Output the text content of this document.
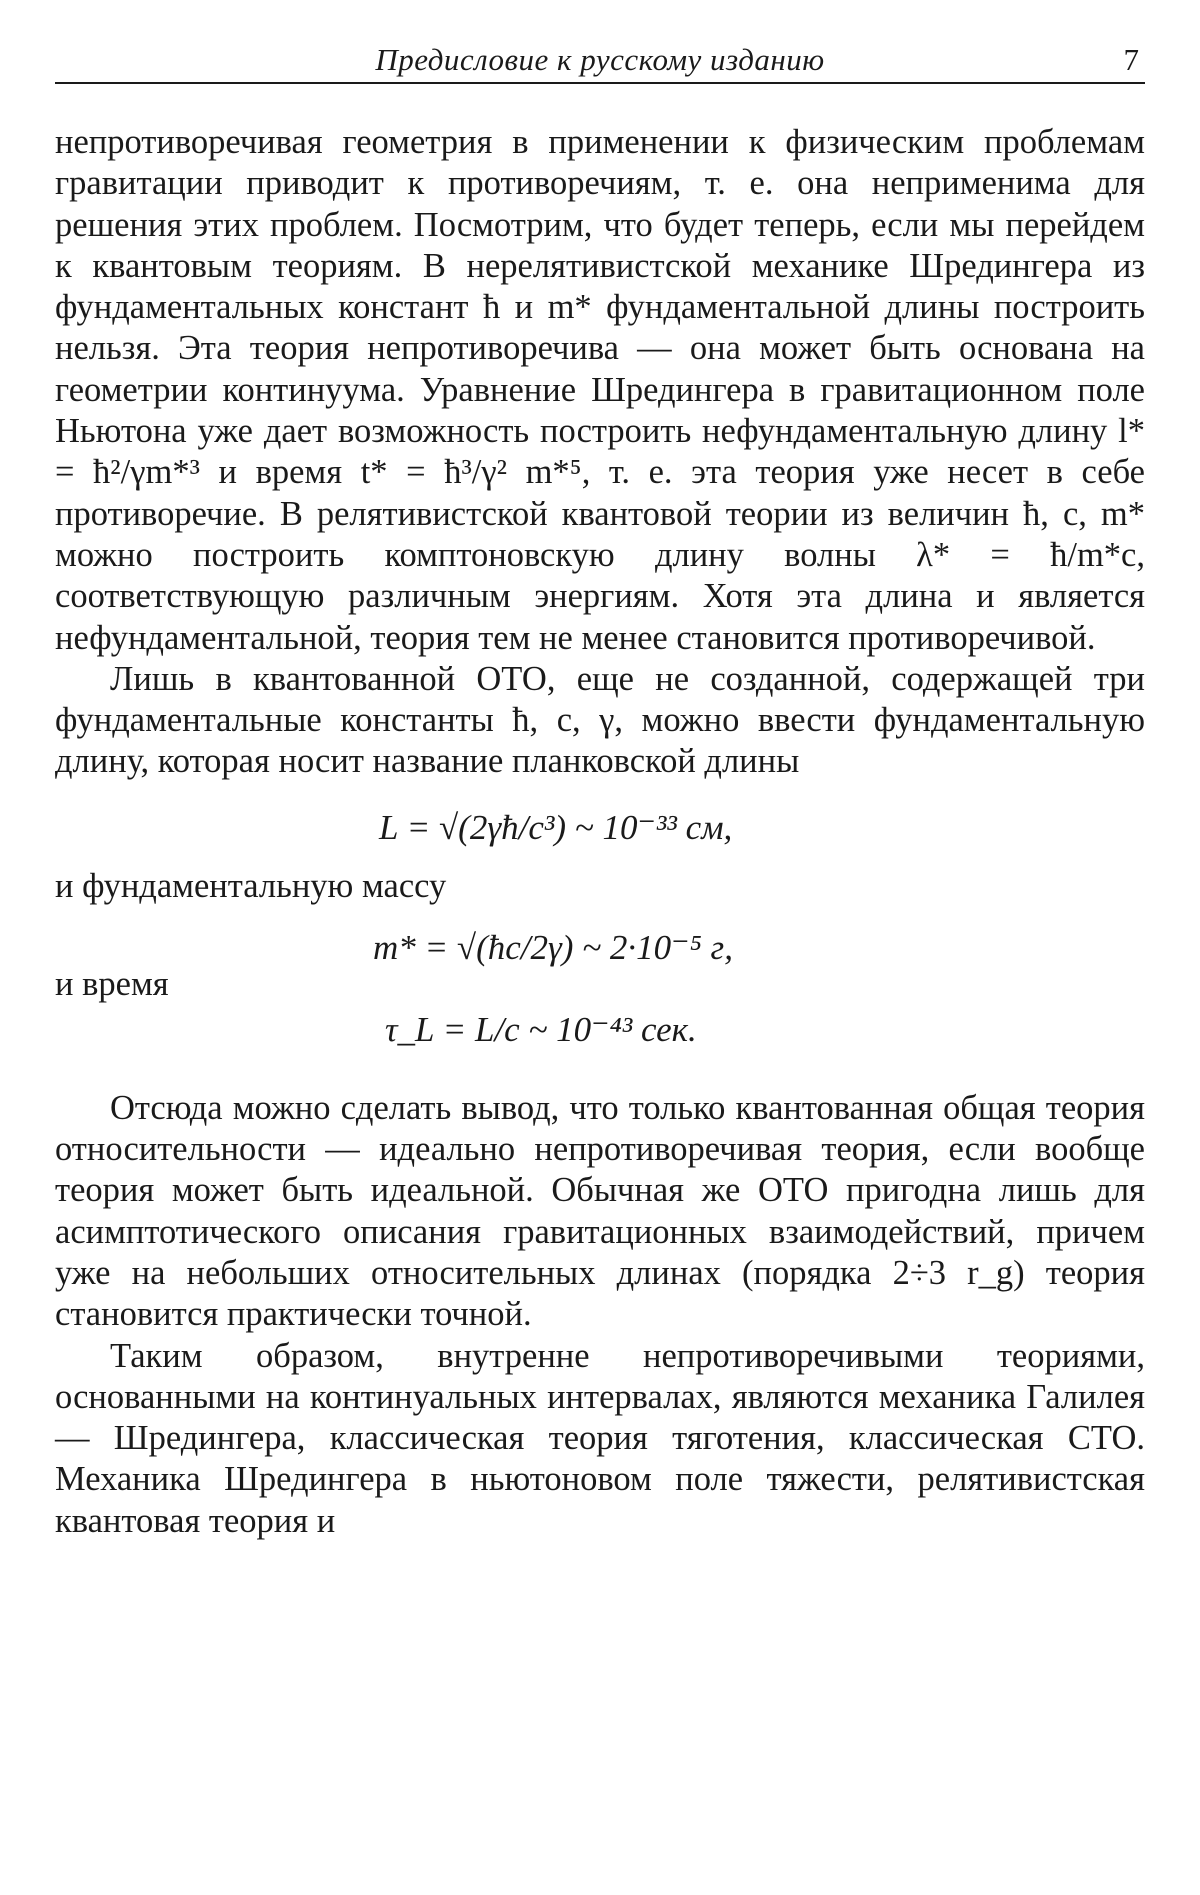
Предисловие к русскому изданию	7

непротиворечивая геометрия в применении к физическим проблемам гравитации приводит к противоречиям, т. е. она неприменима для решения этих проблем. Посмотрим, что будет теперь, если мы перейдем к квантовым теориям. В нерелятивистской механике Шредингера из фундаментальных констант ħ и m* фундаментальной длины построить нельзя. Эта теория непротиворечива — она может быть основана на геометрии континуума. Уравнение Шредингера в гравитационном поле Ньютона уже дает возможность построить нефундаментальную длину l* = ħ²/γm*³ и время t* = ħ³/γ² m*⁵, т. е. эта теория уже несет в себе противоречие. В релятивистской квантовой теории из величин ħ, c, m* можно построить комптоновскую длину волны λ* = ħ/m*c, соответствующую различным энергиям. Хотя эта длина и является нефундаментальной, теория тем не менее становится противоречивой.

Лишь в квантованной ОТО, еще не созданной, содержащей три фундаментальные константы ħ, c, γ, можно ввести фундаментальную длину, которая носит название планковской длины

L = √(2γħ/c³) ~ 10⁻³³ см,

и фундаментальную массу

m* = √(ħc/2γ) ~ 2·10⁻⁵ г,

и время

τ_L = L/c ~ 10⁻⁴³ сек.

Отсюда можно сделать вывод, что только квантованная общая теория относительности — идеально непротиворечивая теория, если вообще теория может быть идеальной. Обычная же ОТО пригодна лишь для асимптотического описания гравитационных взаимодействий, причем уже на небольших относительных длинах (порядка 2÷3 r_g) теория становится практически точной.

Таким образом, внутренне непротиворечивыми теориями, основанными на континуальных интервалах, являются механика Галилея — Шредингера, классическая теория тяготения, классическая СТО. Механика Шредингера в ньютоновом поле тяжести, релятивистская квантовая теория и
